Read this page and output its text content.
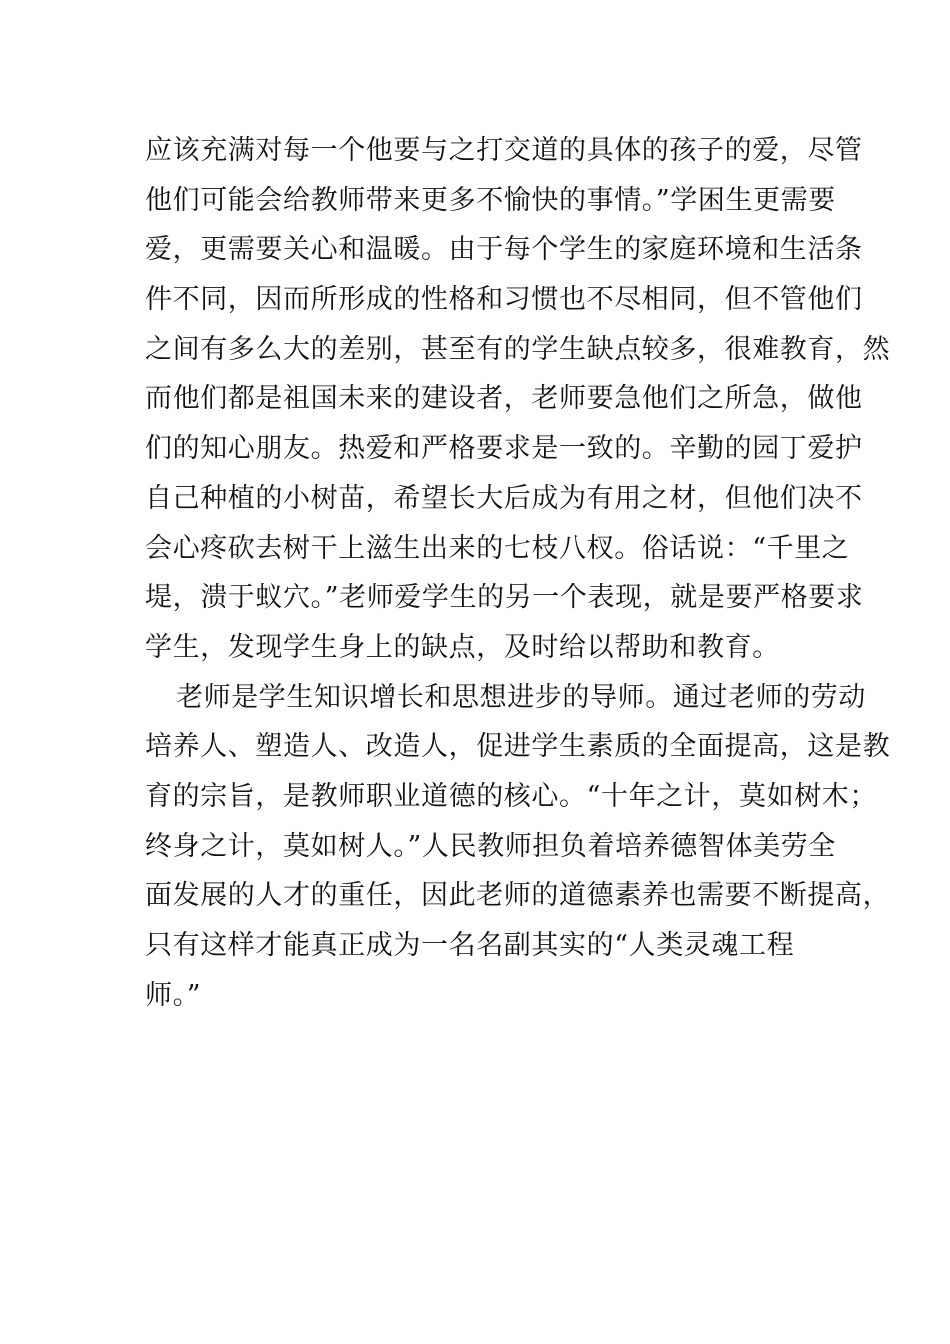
应该充满对每一个他要与之打交道的具体的孩子的爱，尽管
他们可能会给教师带来更多不愉快的事情。”学困生更需要
爱，更需要关心和温暖。由于每个学生的家庭环境和生活条
件不同，因而所形成的性格和习惯也不尽相同，但不管他们
之间有多么大的差别，甚至有的学生缺点较多，很难教育，然
而他们都是祖国未来的建设者，老师要急他们之所急，做他
们的知心朋友。热爱和严格要求是一致的。辛勤的园丁爱护
自己种植的小树苗，希望长大后成为有用之材，但他们决不
会心疼砍去树干上滋生出来的七枝八杈。俗话说：“千里之
堤，溃于蚁穴。”老师爱学生的另一个表现，就是要严格要求
学生，发现学生身上的缺点，及时给以帮助和教育。
老师是学生知识增长和思想进步的导师。通过老师的劳动
培养人、塑造人、改造人，促进学生素质的全面提高，这是教
育的宗旨，是教师职业道德的核心。“十年之计，莫如树木；
终身之计，莫如树人。”人民教师担负着培养德智体美劳全
面发展的人才的重任，因此老师的道德素养也需要不断提高，
只有这样才能真正成为一名名副其实的“人类灵魂工程
师。”
